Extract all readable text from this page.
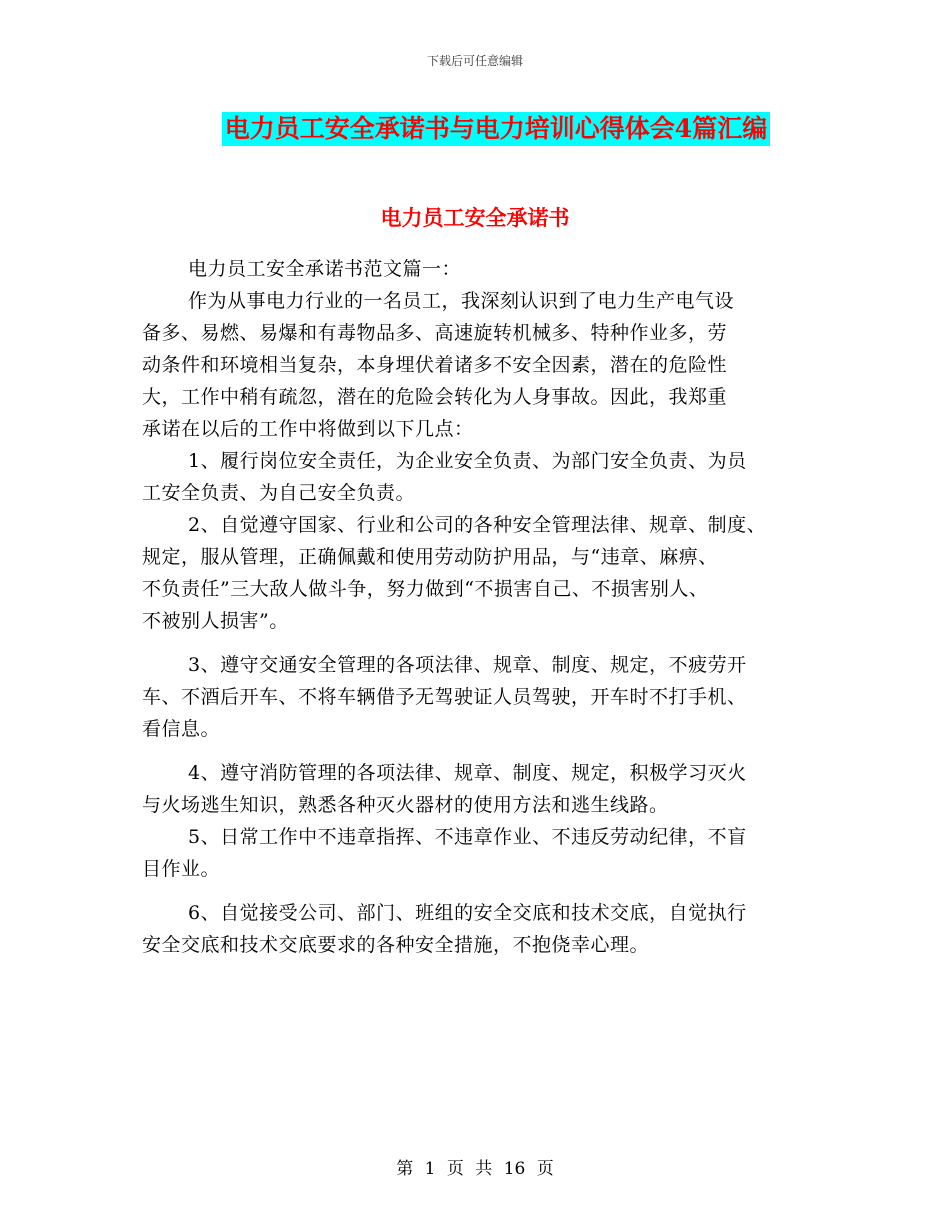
下载后可任意编辑
电力员工安全承诺书与电力培训心得体会4篇汇编
电力员工安全承诺书

电力员工安全承诺书范文篇一：

作为从事电力行业的一名员工，我深刻认识到了电力生产电气设
备多、易燃、易爆和有毒物品多、高速旋转机械多、特种作业多，劳
动条件和环境相当复杂，本身埋伏着诸多不安全因素，潜在的危险性
大，工作中稍有疏忽，潜在的危险会转化为人身事故。因此，我郑重
承诺在以后的工作中将做到以下几点：

1、履行岗位安全责任，为企业安全负责、为部门安全负责、为员
工安全负责、为自己安全负责。

2、自觉遵守国家、行业和公司的各种安全管理法律、规章、制度、
规定，服从管理，正确佩戴和使用劳动防护用品，与“违章、麻痹、
不负责任”三大敌人做斗争，努力做到“不损害自己、不损害别人、
不被别人损害”。

3、遵守交通安全管理的各项法律、规章、制度、规定，不疲劳开
车、不酒后开车、不将车辆借予无驾驶证人员驾驶，开车时不打手机、
看信息。

4、遵守消防管理的各项法律、规章、制度、规定，积极学习灭火
与火场逃生知识，熟悉各种灭火器材的使用方法和逃生线路。

5、日常工作中不违章指挥、不违章作业、不违反劳动纪律，不盲
目作业。

6、自觉接受公司、部门、班组的安全交底和技术交底，自觉执行
安全交底和技术交底要求的各种安全措施，不抱侥幸心理。

第 1 页 共 16 页
